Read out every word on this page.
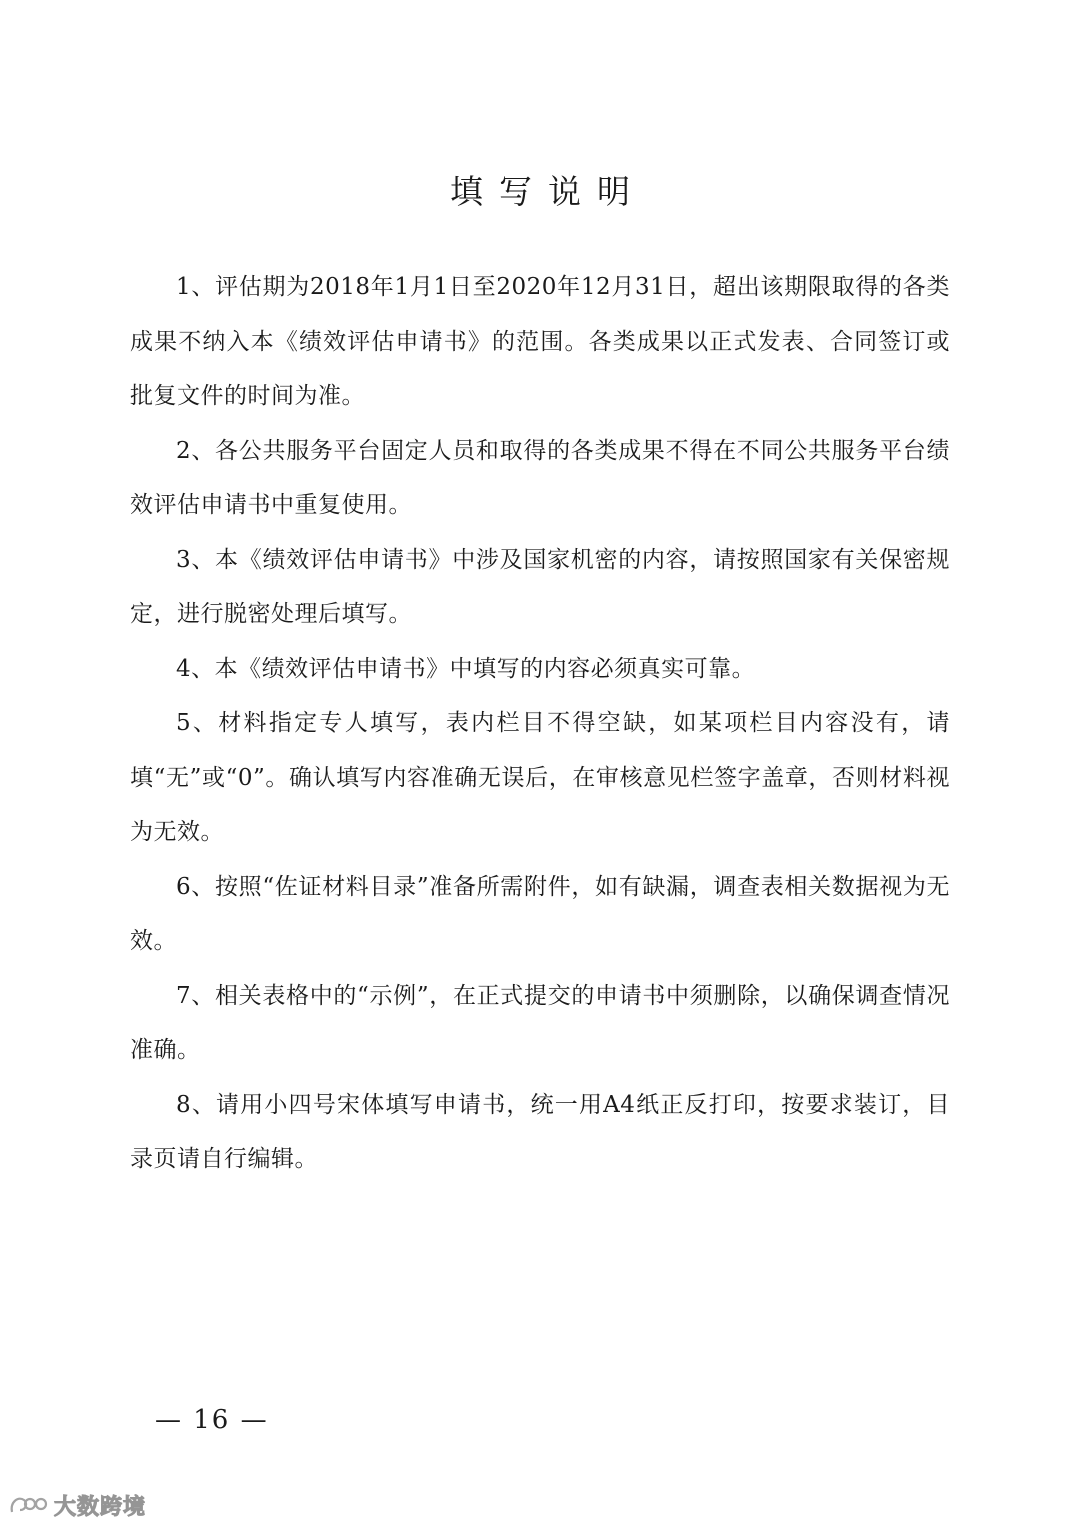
填写说明

1、评估期为2018年1月1日至2020年12月31日，超出该期限取得的各类成果不纳入本《绩效评估申请书》的范围。各类成果以正式发表、合同签订或批复文件的时间为准。

2、各公共服务平台固定人员和取得的各类成果不得在不同公共服务平台绩效评估申请书中重复使用。

3、本《绩效评估申请书》中涉及国家机密的内容，请按照国家有关保密规定，进行脱密处理后填写。

4、本《绩效评估申请书》中填写的内容必须真实可靠。

5、材料指定专人填写，表内栏目不得空缺，如某项栏目内容没有，请填“无”或“0”。确认填写内容准确无误后，在审核意见栏签字盖章，否则材料视为无效。

6、按照“佐证材料目录”准备所需附件，如有缺漏，调查表相关数据视为无效。

7、相关表格中的“示例”，在正式提交的申请书中须删除，以确保调查情况准确。

8、请用小四号宋体填写申请书，统一用A4纸正反打印，按要求装订，目录页请自行编辑。

— 16 —
大数跨境
